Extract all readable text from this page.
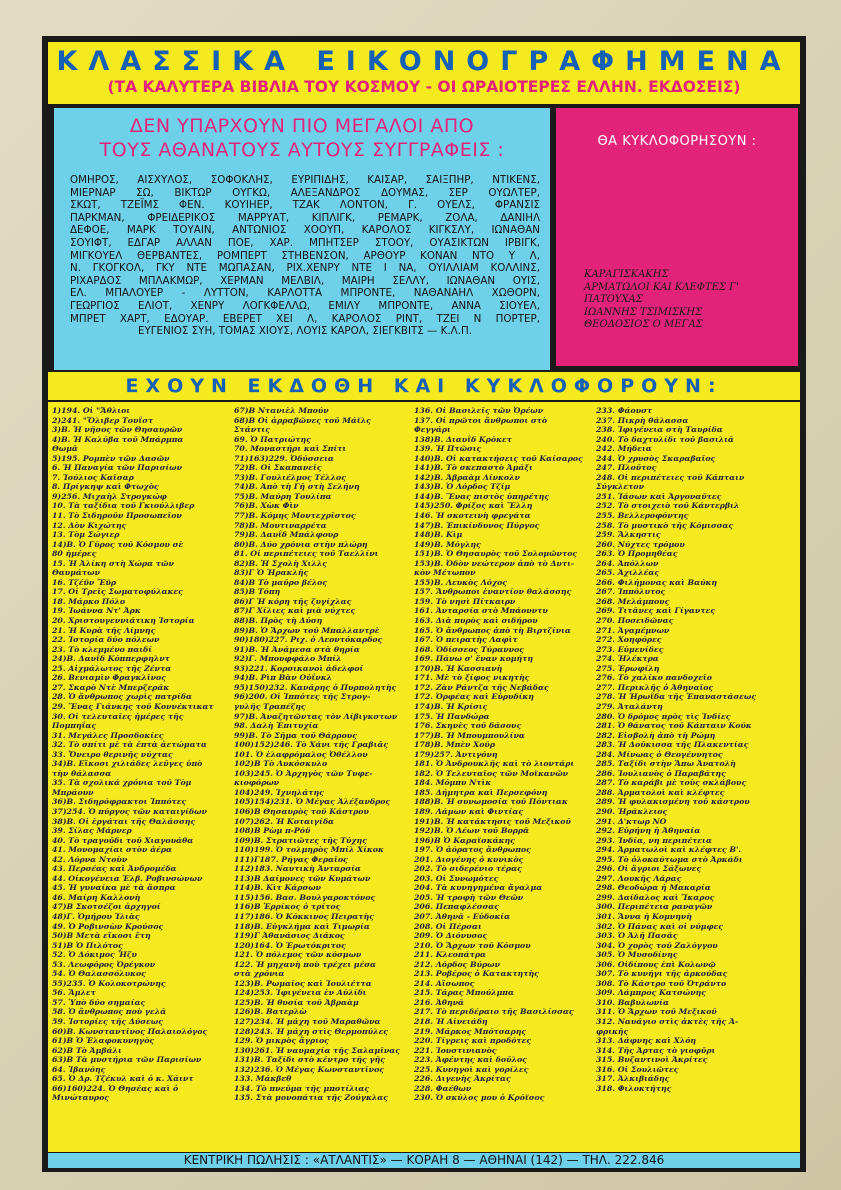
ΚΛΑΣΣΙΚΑ ΕΙΚΟΝΟΓΡΑΦΗΜΕΝΑ
(ΤΑ ΚΑΛΥΤΕΡΑ ΒΙΒΛΙΑ ΤΟΥ ΚΟΣΜΟΥ - ΟΙ ΩΡΑΙΟΤΕΡΕΣ ΕΛΛΗΝ. ΕΚΔΟΣΕΙΣ)
ΔΕΝ ΥΠΑΡΧΟΥΝ ΠΙΟ ΜΕΓΑΛΟΙ ΑΠΟ
ΤΟΥΣ ΑΘΑΝΑΤΟΥΣ ΑΥΤΟΥΣ ΣΥΓΓΡΑΦΕΙΣ :
ΟΜΗΡΟΣ, ΑΙΣΧΥΛΟΣ, ΣΟΦΟΚΛΗΣ, ΕΥΡΙΠΙΔΗΣ, ΚΑΙΣΑΡ, ΣΑΙΞΠΗΡ, ΝΤΙΚΕΝΣ,
ΜΙΕΡΝΑΡ ΣΩ, ΒΙΚΤΩΡ ΟΥΓΚΩ, ΑΛΕΞΑΝΔΡΟΣ ΔΟΥΜΑΣ, ΣΕΡ ΟΥΩΛΤΕΡ,
ΣΚΩΤ, ΤΖΕΪΜΣ ΦΕΝ. ΚΟΥΙΗΕΡ, ΤΖΑΚ ΛΟΝΤΟΝ, Γ. ΟΥΕΛΣ, ΦΡΑΝΣΙΣ
ΠΑΡΚΜΑΝ, ΦΡΕΙΔΕΡΙΚΟΣ ΜΑΡΡΥΑΤ, ΚΙΠΛΙΓΚ, ΡΕΜΑΡΚ, ΖΟΛΑ, ΔΑΝΙΗΛ
ΔΕΦΟΕ, ΜΑΡΚ ΤΟΥΑΙΝ, ΑΝΤΩΝΙΟΣ ΧΟΟΥΠ, ΚΑΡΟΛΟΣ ΚΙΓΚΣΛΥ, ΙΩΝΑΘΑΝ
ΣΟΥΙΦΤ, ΕΔΓΑΡ ΑΛΛΑΝ ΠΟΕ, ΧΑΡ. ΜΠΗΤΣΕΡ ΣΤΟΟΥ, ΟΥΑΣΙΚΤΩΝ ΙΡΒΙΓΚ,
ΜΙΓΚΟΥΕΛ ΘΕΡΒΑΝΤΕΣ, ΡΟΜΠΕΡΤ ΣΤΗΒΕΝΣΟΝ, ΑΡΘΟΥΡ ΚΟΝΑΝ ΝΤΟ Υ Λ,
Ν. ΓΚΟΓΚΟΛ, ΓΚΥ ΝΤΕ ΜΩΠΑΣΑΝ, ΡΙΧ.ΧΕΝΡΥ ΝΤΕ Ι ΝΑ, ΟΥΙΛΛΙΑΜ ΚΟΛΛΙΝΣ,
ΡΙΧΑΡΔΟΣ ΜΠΛΑΚΜΩΡ, ΧΕΡΜΑΝ ΜΕΛΒΙΛ, ΜΑΙΡΗ ΣΕΛΛΥ, ΙΩΝΑΘΑΝ ΟΥΙΣ,
ΕΛ. ΜΠΑΛΟΥΕΡ - ΛΥΤΤΟΝ, ΚΑΡΛΟΤΤΑ ΜΠΡΟΝΤΕ, ΝΑΘΑΝΑΗΛ ΧΩΘΟΡΝ,
ΓΕΩΡΓΙΟΣ ΕΛΙΟΤ, ΧΕΝΡΥ ΛΟΓΚΦΕΛΛΩ, ΕΜΙΛΥ ΜΠΡΟΝΤΕ, ΑΝΝΑ ΣΙΟΥΕΛ,
ΜΠΡΕΤ ΧΑΡΤ, ΕΔΟΥΑΡ. ΕΒΕΡΕΤ ΧΕΙ Λ, ΚΑΡΟΛΟΣ ΡΙΝΤ, ΤΖΕΙ Ν ΠΟΡΤΕΡ,
ΕΥΓΕΝΙΟΣ ΣΥΗ, ΤΟΜΑΣ ΧΙΟΥΣ, ΛΟΥΙΣ ΚΑΡΟΛ, ΣΙΕΓΚΒΙΤΣ — Κ.Λ.Π.
ΘΑ ΚΥΚΛΟΦΟΡΗΣΟΥΝ :
ΚΑΡΑΓΙΣΚΑΚΗΣ
ΑΡΜΑΤΩΛΟΙ ΚΑΙ ΚΛΕΦΤΕΣ Γ'
ΠΑΤΟΥΧΑΣ
ΙΩΑΝΝΗΣ ΤΣΙΜΙΣΚΗΣ
ΘΕΟΔΟΣΙΟΣ Ο ΜΕΓΑΣ
ΕΧΟΥΝ ΕΚΔΟΘΗ ΚΑΙ ΚΥΚΛΟΦΟΡΟΥΝ:
1)194. Οἱ "Ἄθλιοι
2)241. "Ὄλιβερ Τουΐστ
3)Β. Ἡ νῆσος τῶν Θησαυρῶν
4)Β. Ἡ Καλύβα τοῦ Μπάρμπα
Θωμᾶ
5)195. Ρομπὲν τῶν Δασῶν
6. Ἡ Παναγία τῶν Παρισίων
7. Ἰούλιος Καῖσαρ
8. Πρίγκηψ καὶ Φτωχὸς
9)256. Μιχαὴλ Στρογκώφ
10. Τὰ ταξίδια τοῦ Γκιούλλιβερ
11. Τὸ Σιδηροῦν Προσωπεῖον
12. Δὸν Κιχώτης
13. Τὸμ Σώγιερ
14)Β. Ὁ Γῦρος τοῦ Κόσμου σὲ
80 ἡμέρες
15. Ἡ Ἀλίκη στὴ Χώρα τῶν
Θαυμάτων
16. Τζέϋν Ἔϋρ
17. Οἱ Τρεῖς Σωματοφύλακες
18. Μάρκο Πόλο
19. Ἰωάννα Ντ' Ἀρκ
20. Χριστουγεννιάτικη Ἱστορία
21. Ἡ Κυρὰ τῆς Λίμνης
22. Ἱστορία δύο πόλεων
23. Τὸ κλεμμένο παιδί
24)Β. Δαυΐδ Κόππερφηλντ
25. Αἰχμάλωτος τῆς Ζέντα
26. Βενιαμὶν Φραγκλῖνος
27. Σκαρὸ Ντὲ Μπερζεράκ
28. Ὁ ἄνθρωπος χωρὶς πατρίδα
29. Ἕνας Γιάνκης τοῦ Κοννέκτικατ
30. Οἱ τελευταῖες ἡμέρες τῆς
Πομπηΐας
31. Μεγάλες Προσδοκίες
32. Τὸ σπίτι μὲ τὰ ἑπτὰ ἀετώματα
33. Ὄνειρο θερινῆς νύχτας
34)Β. Εἴκοσι χιλιάδες λεῦγες ὑπὸ
τὴν θάλασσα
35. Τὰ σχολικά χρόνια τοῦ Τὸμ
Μπράουν
36)Β. Σιδηρόφρακτοι Ἱππότες
37)254. Ὁ πύργος τῶν καταιγίδων
38)Β. Οἱ ἐργάται τῆς Θαλάσσης
39. Σίλας Μάρνερ
40. Τὸ τραγοῦδι τοῦ Χιαγουάθα
41. Μονομαχίαι στὸν ἀέρα
42. Λόρνα Ντοὺν
43. Περσέας καὶ Ἀνδρομέδα
44. Οἰκογένεια Ἑλβ. Ροβινσώνων
45. Ἡ γυναίκα μὲ τὰ ἄσπρα
46. Μαίρη Καλλονὴ
47)Β Σκοτσέζοι ἀρχηγοί
48)Γ. Ὁμήρου Ἰλιὰς
49. Ὁ Ροβινσὼν Κρούσος
50)Β Μετὰ εἴκοσι ἔτη
51)Β Ὁ Πιλότος
52. Ὁ Δόκιμος Ἧζυ
53. Λεωφόρος Ὀρέγκον
54. Ὁ Θαλασσόλυκος
55)235. Ὁ Κολοκοτρώνης
56. Ἄμλετ
57. Ὑπὸ δύο σημαίας
58. Ὁ ἄνθρωπος ποὺ γελᾶ
59. Ἱστορίες τῆς Δύσεως
60)Β. Κωνσταντῖνος Παλαιολόγος
61)Β Ὁ Ἐλαφοκυνηγὸς
62)Β Τὸ Ἀμβάλι
63)Β Τὰ μυστήρια τῶν Παρισίων
64. Ἰβανόης
65. Ὁ Δρ. Τζέκυλ καὶ ὁ κ. Χάιντ
66)160)224. Ὁ Θησέας καὶ ὁ
Μινώταυρος
67)Β Ντανιὲλ Μπούν
68)Β Οἱ ἀρραβῶνες τοῦ Μάϊλς
Στάντις
69. Ὁ Πατριώτης
70. Μοναστήρι καὶ Σπίτι
71)163)229. Ὀδύσσεια
72)Β. Οἱ Σκαπανεῖς
73)Β. Γουλιέλμος Τέλλος
74)Β. Ἀπὸ τὴ Γῆ στὴ Σελήνη
75)Β. Μαύρη Τουλίπα
76)Β. Χὼκ Φὶν
77)Β. Κόμης Μοντεχρῖστος
78)Β. Μουτιναρρέτα
79)Β. Δαυΐδ Μπάλφουρ
80)Β. Δύο χρόνια στὴν πλώρη
81. Οἱ περιπέτειες τοῦ Ταελλίνι
82)Β. Ἡ Σχολὴ Χιλλς
83)Γ Ὁ Ἡρακλῆς
84)Β Τὸ μαῦρο βέλος
85)Β Τόπη
86)Γ Ἡ κόρη τῆς ζυγίχλας
87)Γ Χίλιες καὶ μιὰ νύχτες
88)Β. Πρὸς τὴ Δύση
89)Β. Ὁ Ἄρχων τοῦ Μπαλλαντρὲ
90)180)227. Ριχ. ὁ Λεοντόκαρδος
91)Β. Ἡ Ἀνάμεσα στὰ θηρία
92)Γ. Μπουφφάλο Μπίλ
93)221. Κορσικανοὶ ἀδελφοί
94)Β. Ρὶπ Βὰν Οὐΐνκλ
95)150)232. Κανάρης ὁ Πυρπολητὴς
96)200. Οἱ Ἱππότες τῆς Στρογ-
γυλῆς Τραπέζης
97)Β. Ἀναζητῶντας τὸν Λίβιγκστων
98. Δαλὴ Ἐπιτυχία
99)Β. Τὸ Σῆμα τοῦ Θάρρους
100)152)246. Τὸ Χάνι τῆς Γραβιᾶς
101. Ὁ ἐλαφρόμαλος Ὀθέλλου
102)Β Τὸ Λυκόσκυλο
103)245. Ὁ Ἀρχηγὸς τῶν Τυφε-
κιοφόρων
104)249. Ἰχνηλάτης
105)154)231. Ὁ Μέγας Ἀλέξανδρος
106)Β Θησαυρὸς τοῦ Κάστρου
107)262. Ἡ Κοταιγίδα
108)Β Ρὼμ π-Ρόϋ
109)Β. Στρατιῶτες τῆς Τύχης
110)199. Ὁ τολμηρὸς Μπίλ Χίκοκ
111)Γ187. Ρήγας Φεραῖος
112)183. Ναυτικὴ Ἀνταρσία
113)Β Δαίμονες τῶν Κυμάτων
114)Β. Κὶτ Κάρσων
115)156. Βασ. Βουλγαροκτόνος
116)Β Ἐρρίκος ὁ τρίτος
117)186. Ὁ Κόκκινος Πειρατὴς
118)Β. Εὐγκλήμα καὶ Τιμωρία
119)Γ Ἀθανάσιος Διάκος
120)164. Ὁ Ἐρωτόκριτος
121. Ὁ πόλεμος τῶν κόσμων
122. Ἡ μηχανὴ ποὺ τρέχει μέσα
στὰ χρόνια
123)Β. Ρωμαῖος καὶ Ἰουλιέττα
124)253. Ἰφιγένεια ἐν Αὐλίδι
125)Β. Ἡ θυσία τοῦ Ἀβραὰμ
126)Β. Βατερλὼ
127)234. Ἡ μάχη τοῦ Μαραθῶνα
128)243. Ἡ μάχη στὶς Θερμοπύλες
129. Ὁ μικρὸς ἄγριος
130)261. Ἡ ναυμαχία τῆς Σαλαμῖνας
131)Β. Ταξίδι στὸ κέντρο τῆς γῆς
132)236. Ὁ Μέγας Κωνσταντῖνος
133. Μάκβεθ
134. Τὸ πνεῦμα τῆς μποτίλιας
135. Στὰ μονοπάτια τῆς Ζούγκλας
136. Οἱ Βασιλεῖς τῶν Ὀρέων
137. Οἱ πρῶτοι ἄνθρωποι στὸ
Φεγγάρι
138)Β. Διαυῒδ Κρόκετ
139. Ἡ Πτῶσις
140)Β. Οἱ κατακτήσεις τοῦ Καίσαρος
141)Β. Τὸ σκεπαστὸ Ἀμάξι
142)Β. Ἀβραὰμ Λίνκολν
143)Β. Ὁ Λόρδος Τζίμ
144)Β. Ἕνας πιστὸς ὑπηρέτης
145)250. Φρίξος καὶ Ἕλλη
146. Ἡ σκοτεινὴ φρεγάτα
147)Β. Ἐπικίνδυνος Πύργος
148)Β. Κὶμ
149)Β. Μόγλης
151)Β. Ὁ Θησαυρὸς τοῦ Σολομῶντος
153)Β. Ὀδὸν νεώτερον ἀπὸ τὸ Δυτι-
κὸν Μέτωπον
155)Β. Λευκὸς Λόχος
157. Ἄνθρωποι ἐναντίον θαλάσσης
159. Τὸ νησὶ Πίτκαιρν
161. Ἀνταρσία στὸ Μπάουντυ
163. Διὰ πυρὸς καὶ σιδήρου
165. Ὁ ἄνθρωπος ἀπὸ τὴ Βιρτζίνια
167. Ὁ πειρατὴς Λαφὶτ
168. Ὁδίσσεος Τύραννος
169. Πάνω σ' ἕναν κομήτη
170)Β. Ἡ Κασσιανὴ
171. Μὲ τὸ ξίφος νικητὴς
172. Ζὰν Ράντζα τῆς Νεβάδας
172. Ὀρφέας καὶ Εὐρυδίκη
174)Β. Ἡ Κρίσις
175. Ἡ Πανδώρα
176. Σκηνὲς τοῦ δάσους
177)Β. Ἡ Μπουμπουλίνα
178)Β. Μπὲν Χοῦρ
179)257. Ἀντιγόνη
181. Ὁ Ἀνδρουκλῆς καὶ τὸ λιοντάρι
182. Ὁ Τελευταῖος τῶν Μοϊκανῶν
184. Μόμπυ Ντὶκ
185. Δήμητρα καὶ Περσεφόνη
188)Β. Ἡ συνωμοσία τοῦ Πόντιακ
189. Λάμων καὶ Φιντίας
191)Β. Ἡ κατάκτησις τοῦ Μεξικοῦ
192)Β. Ὁ Λέων τοῦ Βορρᾶ
196)Β Ὁ Καραϊσκάκης
197. Ὁ ἀόρατος ἄνθρωπος
201. Διογένης ὁ κυνικὸς
202. Τὸ σιδερένιο τέρας
203. Οἱ Συνωμότες
204. Τὰ κυνηγημένα ἄγαλμα
205. Ἡ τροφὴ τῶν Θεῶν
206. Πεπαφλέσσας
207. Ἀθηνᾶ - Εὐδοκία
208. Οἱ Πέρσαι
209. Ὁ Διόνυσος
210. Ὁ Ἄρχων τοῦ Κόσμου
211. Κλεοπάτρα
212. Λόρδος Βύρων
213. Ροβέρος ὁ Κατακτητὴς
214. Αἴσωπος
215. Τάρας Μπούλμπα
216. Ἀθηνᾶ
217. Τὸ περιδέραιο τῆς Βασιλίσσας
218. Ἡ Αἰνειάδη
219. Μάρκος Μπότσαρης
220. Τίγρεις καὶ προδότες
221. Ἰουστινιανὸς
223. Ἀφέντης καὶ δοῦλος
225. Κυνηγοὶ καὶ γορίλες
226. Διγενὴς Ἀκρίτας
228. Φαέθων
230. Ὁ σκύλος μου ὁ Κρόϊσος
233. Φάουστ
237. Πικρὴ θάλασσα
238. Ἰφιγένεια στὴ Ταυρίδα
240. Τὸ δαχτυλίδι τοῦ βασιλιᾶ
242. Μήδεια
244. Ὁ χρυσὸς Σκαραβαῖος
247. Πλοῦτος
248. Οἱ περιπέτειες τοῦ Κάπταιν
Σύγκλετον
251. Ἰάσων καὶ Ἀργοναῦτες
252. Τὸ στοιχειὸ τοῦ Κάντερβιλ
255. Βελλεροφόντης
258. Τὸ μυστικὸ τῆς Κόμισσας
259. Ἄλκηστις
260. Νύχτες τρόμου
263. Ὁ Προμηθέας
264. Ἀπόλλων
265. Ἀχιλλέας
266. Φιλήμονας καὶ Βαύκη
267. Ἱππόλυτος
268. Μελάμπους
269. Τιτᾶνες καὶ Γίγαντες
270. Ποσειδῶνας
271. Ἀγαμέμνων
272. Χοηφόρες
273. Εὐμενίδες
274. Ἠλέκτρα
275. Ἐρωφίλη
276. Τὸ χαλίκο πανδοχεῖο
277. Περικλῆς ὁ Ἀθηναῖος
278. Ἡ Ἡρωΐδα τῆς Ἐπαναστάσεως
279. Ἀταλάντη
280. Ὁ δρόμος πρὸς τὶς Ἰνδίες
281. Ὁ θάνατος τοῦ Κάπταιν Κούκ
282. Εἰσβολὴ ἀπὸ τὴ Ρώμη
283. Ἡ Δοῦκισσα τῆς Πλακεντίας
284. Μίνωας ὁ Θεογέννητος
285. Ταξίδι στὴν Ἄπω Ἀνατολὴ
286. Ἰουλιανὸς ὁ Παραβάτης
287. Τὸ καράβι μὲ τοὺς σκλάβους
288. Ἀρματολοὶ καὶ κλέφτες
289. Ἡ φυλακισμένη τοῦ κάστρου
290. Ἡράκλειος
291. Δ'κτωρ ΝΟ
292. Εὐρήνη ἡ Ἀθηναία
293. Ἰνδία, νη περιπέτεια
294. Ἀρματωλοὶ καὶ κλέφτες Β'.
295. Τὸ ὁλοκαύτωμα στὸ Ἀρκάδι
296. Οἱ ἄγριοι Σάξωνες
297. Λουκῆς Λάρας
298. Θεοδώρα ἡ Μακαρία
299. Δαίδαλος καὶ Ἴκαρος
300. Περιπέτεια ραναγῶν
301. Ἄννα ἡ Κομνηνὴ
302. Ὁ Πάνας καὶ οἱ νύμφες
303. Ὁ Ἀλῆ Πασᾶς
304. Ὁ χορὸς τοῦ Ζαλόγγου
305. Ὁ Μυσοδίνης
306. Οἰδίπους ἐπὶ Κολωνῷ
307. Τὸ κυνήγι τῆς ἀρκούδας
308. Τὸ Κάστρο τοῦ Ὀτράντο
309. Λάμπρος Κατσώνης
310. Βαβυλωνία
311. Ὁ Ἄρχων τοῦ Μεξικοῦ
312. Ναυάγιο στὶς ἀκτὲς τῆς Ἀ-
φρικῆς
313. Δάφνης καὶ Χλόη
314. Τῆς Ἀρτας τὸ γιοφῦρι
315. Βυζαντινοὶ Ἀκρίτες
316. Οἱ Σουλιῶτες
317. Ἀλκιβιάδης
318. Φιλοκτήτης
ΚΕΝΤΡΙΚΗ ΠΩΛΗΣΙΣ : «ΑΤΛΑΝΤΙΣ» — ΚΟΡΑΗ 8 — ΑΘΗΝΑΙ (142) — ΤΗΛ. 222.846
